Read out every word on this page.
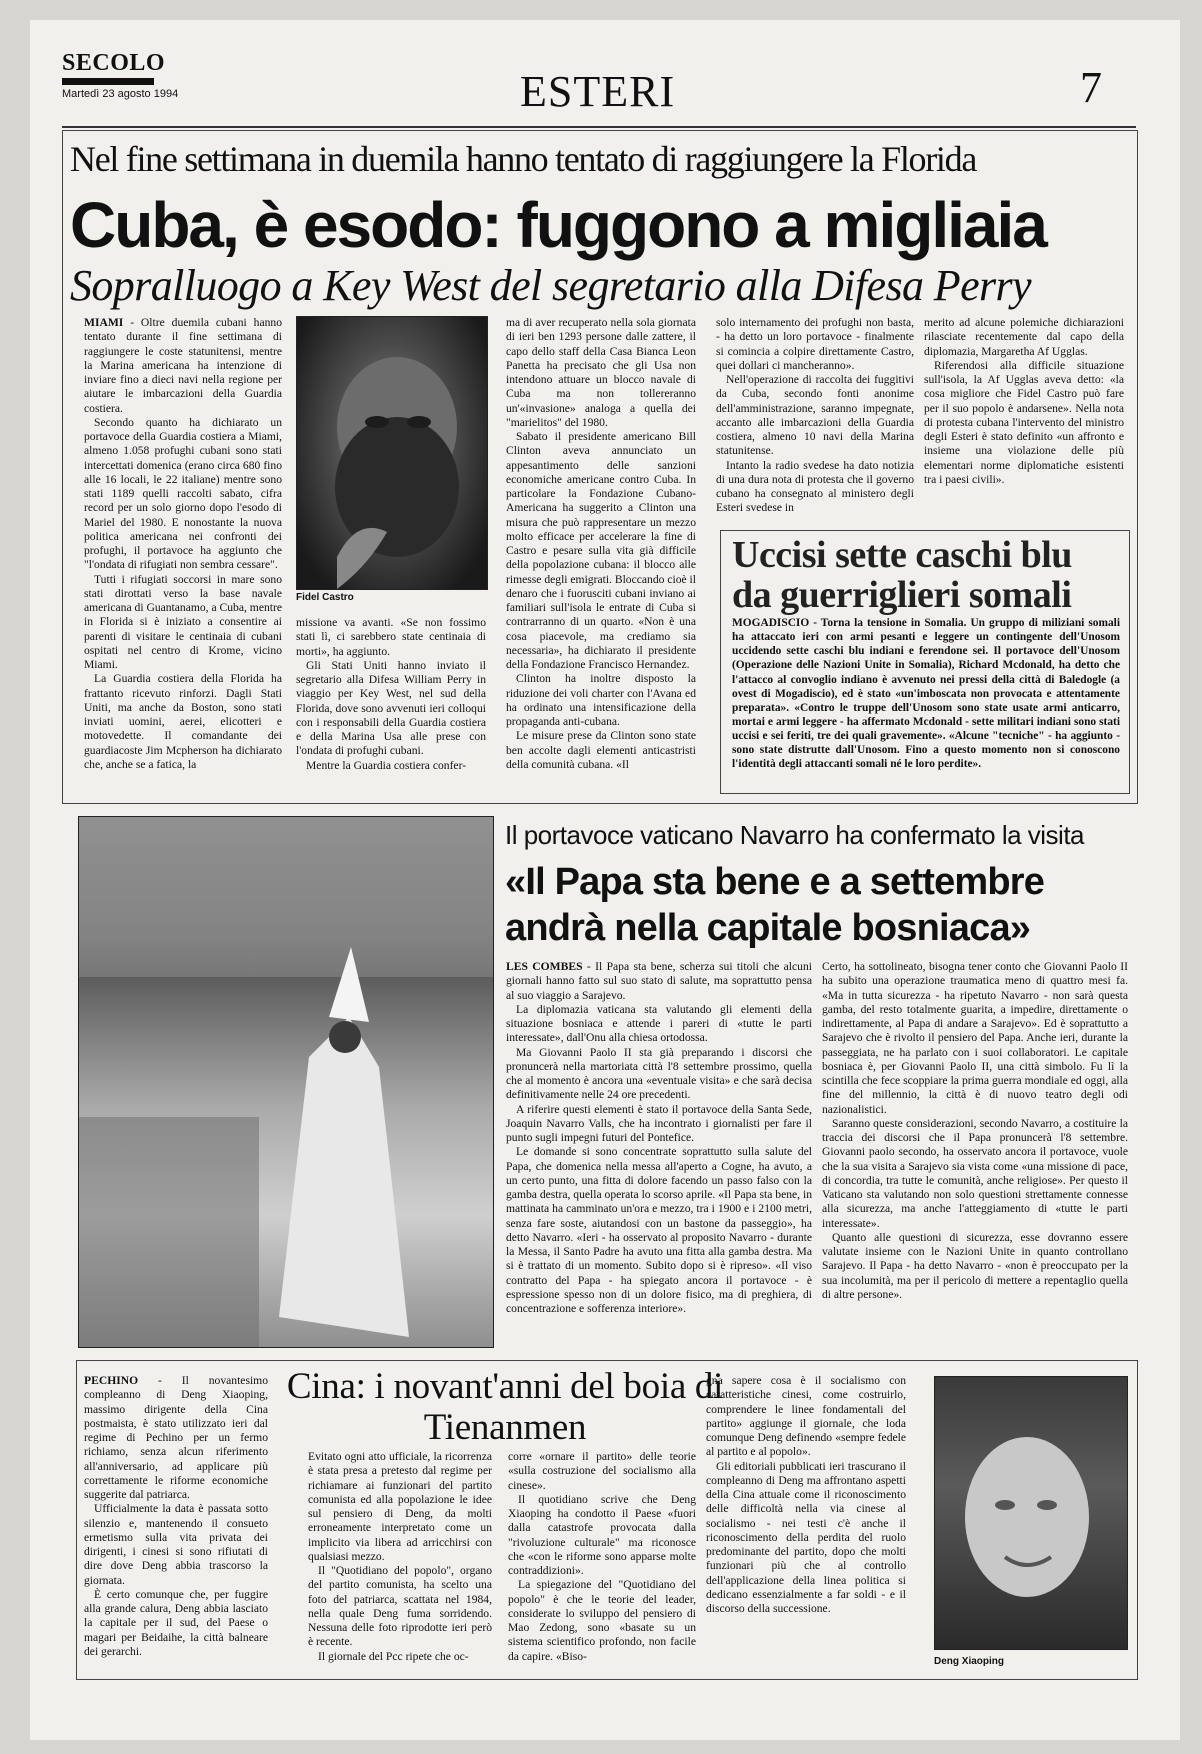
SECOLO
Martedì 23 agosto 1994	ESTERI	7
Nel fine settimana in duemila hanno tentato di raggiungere la Florida
Cuba, è esodo: fuggono a migliaia
Sopralluogo a Key West del segretario alla Difesa Perry

MIAMI - Oltre duemila cubani hanno tentato durante il fine settimana di raggiungere le coste statunitensi, mentre la Marina americana ha intenzione di inviare fino a dieci navi nella regione per aiutare le imbarcazioni della Guardia costiera.

Secondo quanto ha dichiarato un portavoce della Guardia costiera a Miami, almeno 1.058 profughi cubani sono stati intercettati domenica (erano circa 680 fino alle 16 locali, le 22 italiane) mentre sono stati 1189 quelli raccolti sabato, cifra record per un solo giorno dopo l'esodo di Mariel del 1980. E nonostante la nuova politica americana nei confronti dei profughi, il portavoce ha aggiunto che "l'ondata di rifugiati non sembra cessare".

Tutti i rifugiati soccorsi in mare sono stati dirottati verso la base navale americana di Guantanamo, a Cuba, mentre in Florida si è iniziato a consentire ai parenti di visitare le centinaia di cubani ospitati nel centro di Krome, vicino Miami.

La Guardia costiera della Florida ha frattanto ricevuto rinforzi. Dagli Stati Uniti, ma anche da Boston, sono stati inviati uomini, aerei, elicotteri e motovedette. Il comandante dei guardiacoste Jim Mcpherson ha dichiarato che, anche se a fatica, la

Fidel Castro

missione va avanti. «Se non fossimo stati lì, ci sarebbero state centinaia di morti», ha aggiunto.

Gli Stati Uniti hanno inviato il segretario alla Difesa William Perry in viaggio per Key West, nel sud della Florida, dove sono avvenuti ieri colloqui con i responsabili della Guardia costiera e della Marina Usa alle prese con l'ondata di profughi cubani.

Mentre la Guardia costiera confer-

ma di aver recuperato nella sola giornata di ieri ben 1293 persone dalle zattere, il capo dello staff della Casa Bianca Leon Panetta ha precisato che gli Usa non intendono attuare un blocco navale di Cuba ma non tollereranno un'«invasione» analoga a quella dei "marielitos" del 1980.

Sabato il presidente americano Bill Clinton aveva annunciato un appesantimento delle sanzioni economiche americane contro Cuba. In particolare la Fondazione Cubano-Americana ha suggerito a Clinton una misura che può rappresentare un mezzo molto efficace per accelerare la fine di Castro e pesare sulla vita già difficile della popolazione cubana: il blocco alle rimesse degli emigrati. Bloccando cioè il denaro che i fuorusciti cubani inviano ai familiari sull'isola le entrate di Cuba si contrarranno di un quarto. «Non è una cosa piacevole, ma crediamo sia necessaria», ha dichiarato il presidente della Fondazione Francisco Hernandez.

Clinton ha inoltre disposto la riduzione dei voli charter con l'Avana ed ha ordinato una intensificazione della propaganda anti-cubana.

Le misure prese da Clinton sono state ben accolte dagli elementi anticastristi della comunità cubana. «Il

solo internamento dei profughi non basta, - ha detto un loro portavoce - finalmente si comincia a colpire direttamente Castro, quei dollari ci mancheranno».

Nell'operazione di raccolta dei fuggitivi da Cuba, secondo fonti anonime dell'amministrazione, saranno impegnate, accanto alle imbarcazioni della Guardia costiera, almeno 10 navi della Marina statunitense.

Intanto la radio svedese ha dato notizia di una dura nota di protesta che il governo cubano ha consegnato al ministero degli Esteri svedese in

merito ad alcune polemiche dichiarazioni rilasciate recentemente dal capo della diplomazia, Margaretha Af Ugglas.

Riferendosi alla difficile situazione sull'isola, la Af Ugglas aveva detto: «la cosa migliore che Fidel Castro può fare per il suo popolo è andarsene». Nella nota di protesta cubana l'intervento del ministro degli Esteri è stato definito «un affronto e insieme una violazione delle più elementari norme diplomatiche esistenti tra i paesi civili».

Uccisi sette caschi blu
da guerriglieri somali
MOGADISCIO - Torna la tensione in Somalia. Un gruppo di miliziani somali ha attaccato ieri con armi pesanti e leggere un contingente dell'Unosom uccidendo sette caschi blu indiani e ferendone sei. Il portavoce dell'Unosom (Operazione delle Nazioni Unite in Somalia), Richard Mcdonald, ha detto che l'attacco al convoglio indiano è avvenuto nei pressi della città di Baledogle (a ovest di Mogadiscio), ed è stato «un'imboscata non provocata e attentamente preparata». «Contro le truppe dell'Unosom sono state usate armi anticarro, mortai e armi leggere - ha affermato Mcdonald - sette militari indiani sono stati uccisi e sei feriti, tre dei quali gravemente». «Alcune "tecniche" - ha aggiunto - sono state distrutte dall'Unosom. Fino a questo momento non si conoscono l'identità degli attaccanti somali né le loro perdite».
Il portavoce vaticano Navarro ha confermato la visita
«Il Papa sta bene e a settembre andrà nella capitale bosniaca»

LES COMBES - Il Papa sta bene, scherza sui titoli che alcuni giornali hanno fatto sul suo stato di salute, ma soprattutto pensa al suo viaggio a Sarajevo.

La diplomazia vaticana sta valutando gli elementi della situazione bosniaca e attende i pareri di «tutte le parti interessate», dall'Onu alla chiesa ortodossa.

Ma Giovanni Paolo II sta già preparando i discorsi che pronuncerà nella martoriata città l'8 settembre prossimo, quella che al momento è ancora una «eventuale visita» e che sarà decisa definitivamente nelle 24 ore precedenti.

A riferire questi elementi è stato il portavoce della Santa Sede, Joaquin Navarro Valls, che ha incontrato i giornalisti per fare il punto sugli impegni futuri del Pontefice.

Le domande si sono concentrate soprattutto sulla salute del Papa, che domenica nella messa all'aperto a Cogne, ha avuto, a un certo punto, una fitta di dolore facendo un passo falso con la gamba destra, quella operata lo scorso aprile. «Il Papa sta bene, in mattinata ha camminato un'ora e mezzo, tra i 1900 e i 2100 metri, senza fare soste, aiutandosi con un bastone da passeggio», ha detto Navarro. «Ieri - ha osservato al proposito Navarro - durante la Messa, il Santo Padre ha avuto una fitta alla gamba destra. Ma si è trattato di un momento. Subito dopo si è ripreso». «Il viso contratto del Papa - ha spiegato ancora il portavoce - è espressione spesso non di un dolore fisico, ma di preghiera, di concentrazione e sofferenza interiore».

Certo, ha sottolineato, bisogna tener conto che Giovanni Paolo II ha subito una operazione traumatica meno di quattro mesi fa. «Ma in tutta sicurezza - ha ripetuto Navarro - non sarà questa gamba, del resto totalmente guarita, a impedire, direttamente o indirettamente, al Papa di andare a Sarajevo». Ed è soprattutto a Sarajevo che è rivolto il pensiero del Papa. Anche ieri, durante la passeggiata, ne ha parlato con i suoi collaboratori. Le capitale bosniaca è, per Giovanni Paolo II, una città simbolo. Fu lì la scintilla che fece scoppiare la prima guerra mondiale ed oggi, alla fine del millennio, la città è di nuovo teatro degli odi nazionalistici.

Saranno queste considerazioni, secondo Navarro, a costituire la traccia dei discorsi che il Papa pronuncerà l'8 settembre. Giovanni paolo secondo, ha osservato ancora il portavoce, vuole che la sua visita a Sarajevo sia vista come «una missione di pace, di concordia, tra tutte le comunità, anche religiose». Per questo il Vaticano sta valutando non solo questioni strettamente connesse alla sicurezza, ma anche l'atteggiamento di «tutte le parti interessate».

Quanto alle questioni di sicurezza, esse dovranno essere valutate insieme con le Nazioni Unite in quanto controllano Sarajevo. Il Papa - ha detto Navarro - «non è preoccupato per la sua incolumità, ma per il pericolo di mettere a repentaglio quella di altre persone».

Cina: i novant'anni del boia di Tienanmen

PECHINO - Il novantesimo compleanno di Deng Xiaoping, massimo dirigente della Cina postmaista, è stato utilizzato ieri dal regime di Pechino per un fermo richiamo, senza alcun riferimento all'anniversario, ad applicare più correttamente le riforme economiche suggerite dal patriarca.

Ufficialmente la data è passata sotto silenzio e, mantenendo il consueto ermetismo sulla vita privata dei dirigenti, i cinesi si sono rifiutati di dire dove Deng abbia trascorso la giornata.

È certo comunque che, per fuggire alla grande calura, Deng abbia lasciato la capitale per il sud, del Paese o magari per Beidaihe, la città balneare dei gerarchi.

Evitato ogni atto ufficiale, la ricorrenza è stata presa a pretesto dal regime per richiamare ai funzionari del partito comunista ed alla popolazione le idee sul pensiero di Deng, da molti erroneamente interpretato come un implicito via libera ad arricchirsi con qualsiasi mezzo.

Il "Quotidiano del popolo", organo del partito comunista, ha scelto una foto del patriarca, scattata nel 1984, nella quale Deng fuma sorridendo. Nessuna delle foto riprodotte ieri però è recente.

Il giornale del Pcc ripete che oc-

corre «ornare il partito» delle teorie «sulla costruzione del socialismo alla cinese».

Il quotidiano scrive che Deng Xiaoping ha condotto il Paese «fuori dalla catastrofe provocata dalla "rivoluzione culturale" ma riconosce che «con le riforme sono apparse molte contraddizioni».

La spiegazione del "Quotidiano del popolo" è che le teorie del leader, considerate lo sviluppo del pensiero di Mao Zedong, sono «basate su un sistema scientifico profondo, non facile da capire. «Biso-

gna sapere cosa è il socialismo con caratteristiche cinesi, come costruirlo, comprendere le linee fondamentali del partito» aggiunge il giornale, che loda comunque Deng definendo «sempre fedele al partito e al popolo».

Gli editoriali pubblicati ieri trascurano il compleanno di Deng ma affrontano aspetti della Cina attuale come il riconoscimento delle difficoltà nella via cinese al socialismo - nei testi c'è anche il riconoscimento della perdita del ruolo predominante del partito, dopo che molti funzionari più che al controllo dell'applicazione della linea politica si dedicano essenzialmente a far soldi - e il discorso della successione.

Deng Xiaoping
